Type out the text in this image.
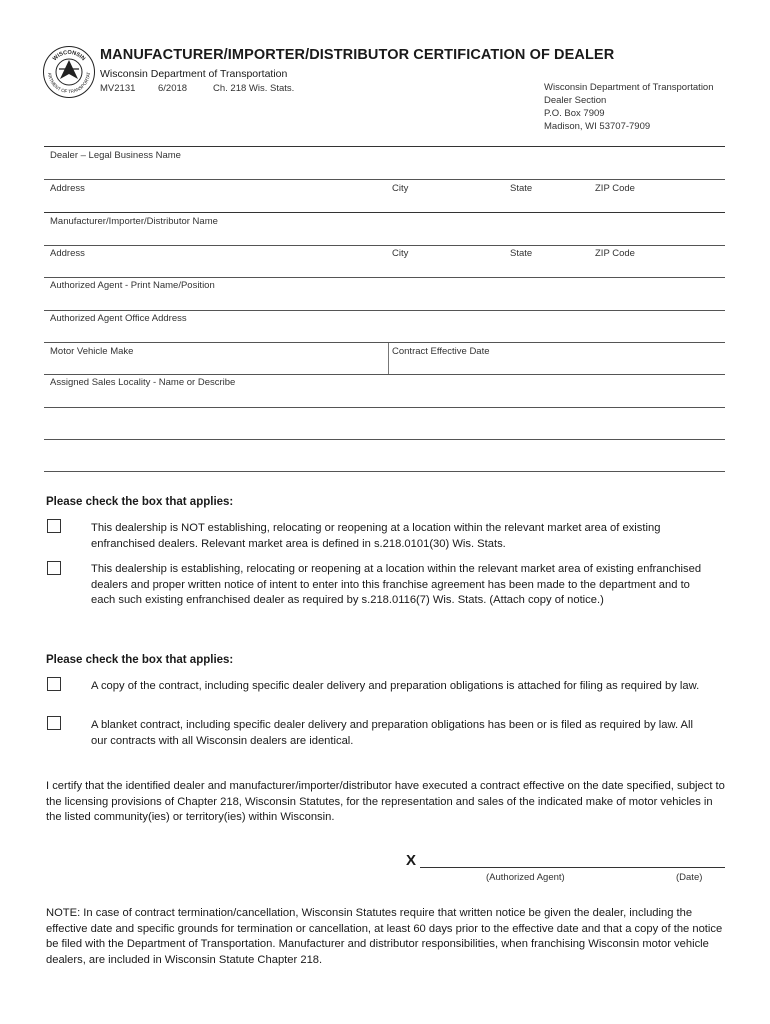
WISCONSIN
ARTMENT OF TRANSPORTAT
MANUFACTURER/IMPORTER/DISTRIBUTOR CERTIFICATION OF DEALER
Wisconsin Department of Transportation
MV2131 6/2018	Ch. 218 Wis. Stats.	Wisconsin Department of Transportation
Dealer Section
P.O. Box 7909
Madison, WI 53707-7909
Dealer – Legal Business Name
Address	City	State	ZIP Code
Manufacturer/Importer/Distributor Name
Address	City	State	ZIP Code
Authorized Agent - Print Name/Position
Authorized Agent Office Address
Motor Vehicle Make	Contract Effective Date
Assigned Sales Locality - Name or Describe
Please check the box that applies:
This dealership is NOT establishing, relocating or reopening at a location within the relevant market area of existing enfranchised dealers. Relevant market area is defined in s.218.0101(30) Wis. Stats.
This dealership is establishing, relocating or reopening at a location within the relevant market area of existing enfranchised dealers and proper written notice of intent to enter into this franchise agreement has been made to the department and to each such existing enfranchised dealer as required by s.218.0116(7) Wis. Stats. (Attach copy of notice.)
Please check the box that applies:
A copy of the contract, including specific dealer delivery and preparation obligations is attached for filing as required by law.
A blanket contract, including specific dealer delivery and preparation obligations has been or is filed as required by law. All our contracts with all Wisconsin dealers are identical.
I certify that the identified dealer and manufacturer/importer/distributor have executed a contract effective on the date specified, subject to the licensing provisions of Chapter 218, Wisconsin Statutes, for the representation and sales of the indicated make of motor vehicles in the listed community(ies) or territory(ies) within Wisconsin.
X
(Authorized Agent)	(Date)
NOTE: In case of contract termination/cancellation, Wisconsin Statutes require that written notice be given the dealer, including the effective date and specific grounds for termination or cancellation, at least 60 days prior to the effective date and that a copy of the notice be filed with the Department of Transportation. Manufacturer and distributor responsibilities, when franchising Wisconsin motor vehicle dealers, are included in Wisconsin Statute Chapter 218.
